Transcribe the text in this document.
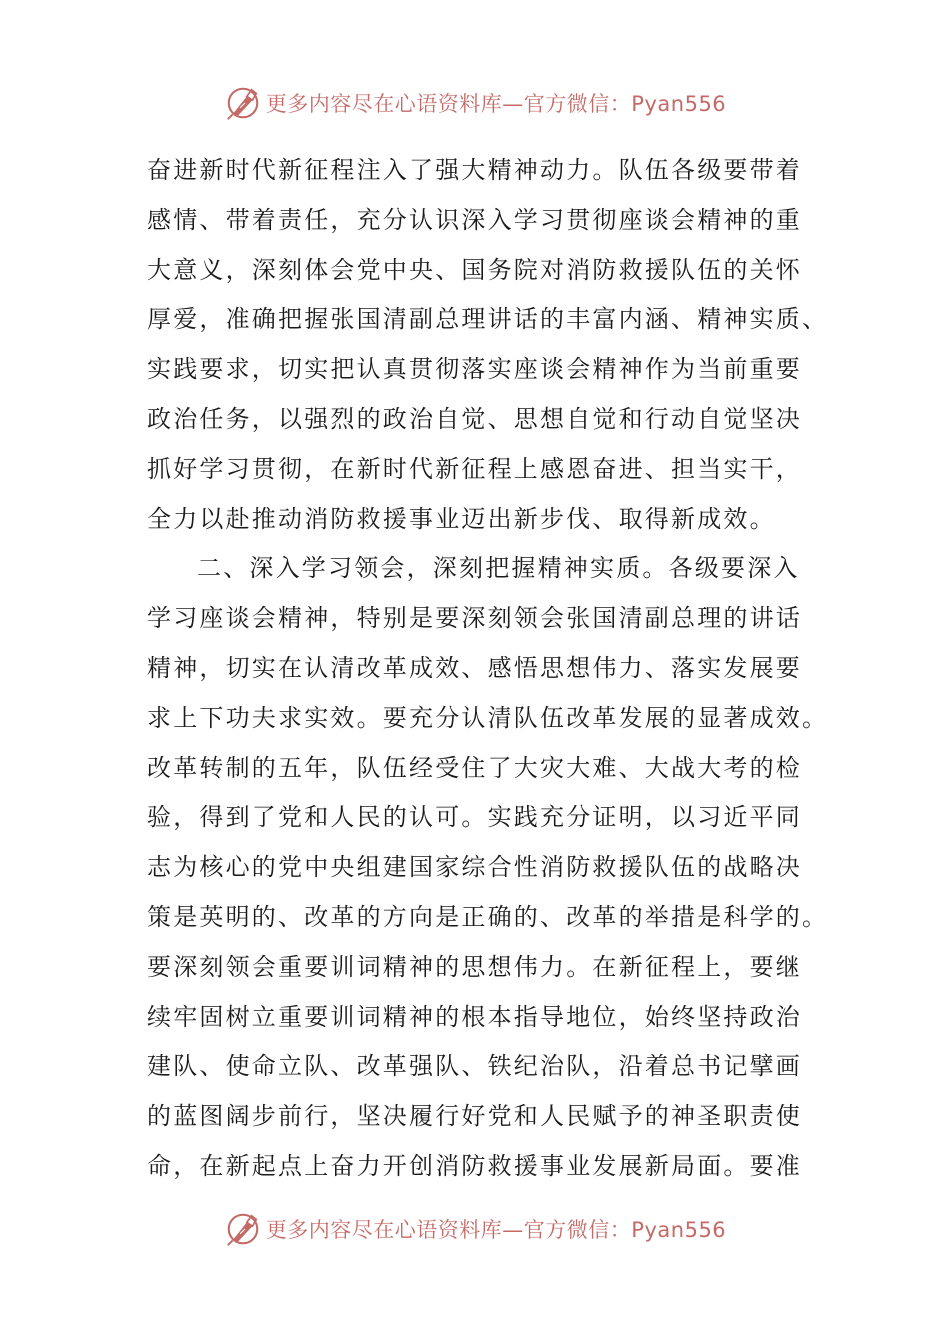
更多内容尽在心语资料库—官方微信：Pyan556
奋进新时代新征程注入了强大精神动力。队伍各级要带着
感情、带着责任，充分认识深入学习贯彻座谈会精神的重
大意义，深刻体会党中央、国务院对消防救援队伍的关怀
厚爱，准确把握张国清副总理讲话的丰富内涵、精神实质、
实践要求，切实把认真贯彻落实座谈会精神作为当前重要
政治任务，以强烈的政治自觉、思想自觉和行动自觉坚决
抓好学习贯彻，在新时代新征程上感恩奋进、担当实干，
全力以赴推动消防救援事业迈出新步伐、取得新成效。
二、深入学习领会，深刻把握精神实质。各级要深入
学习座谈会精神，特别是要深刻领会张国清副总理的讲话
精神，切实在认清改革成效、感悟思想伟力、落实发展要
求上下功夫求实效。要充分认清队伍改革发展的显著成效。
改革转制的五年，队伍经受住了大灾大难、大战大考的检
验，得到了党和人民的认可。实践充分证明，以习近平同
志为核心的党中央组建国家综合性消防救援队伍的战略决
策是英明的、改革的方向是正确的、改革的举措是科学的。
要深刻领会重要训词精神的思想伟力。在新征程上，要继
续牢固树立重要训词精神的根本指导地位，始终坚持政治
建队、使命立队、改革强队、铁纪治队，沿着总书记擘画
的蓝图阔步前行，坚决履行好党和人民赋予的神圣职责使
命，在新起点上奋力开创消防救援事业发展新局面。要准
更多内容尽在心语资料库—官方微信：Pyan556
